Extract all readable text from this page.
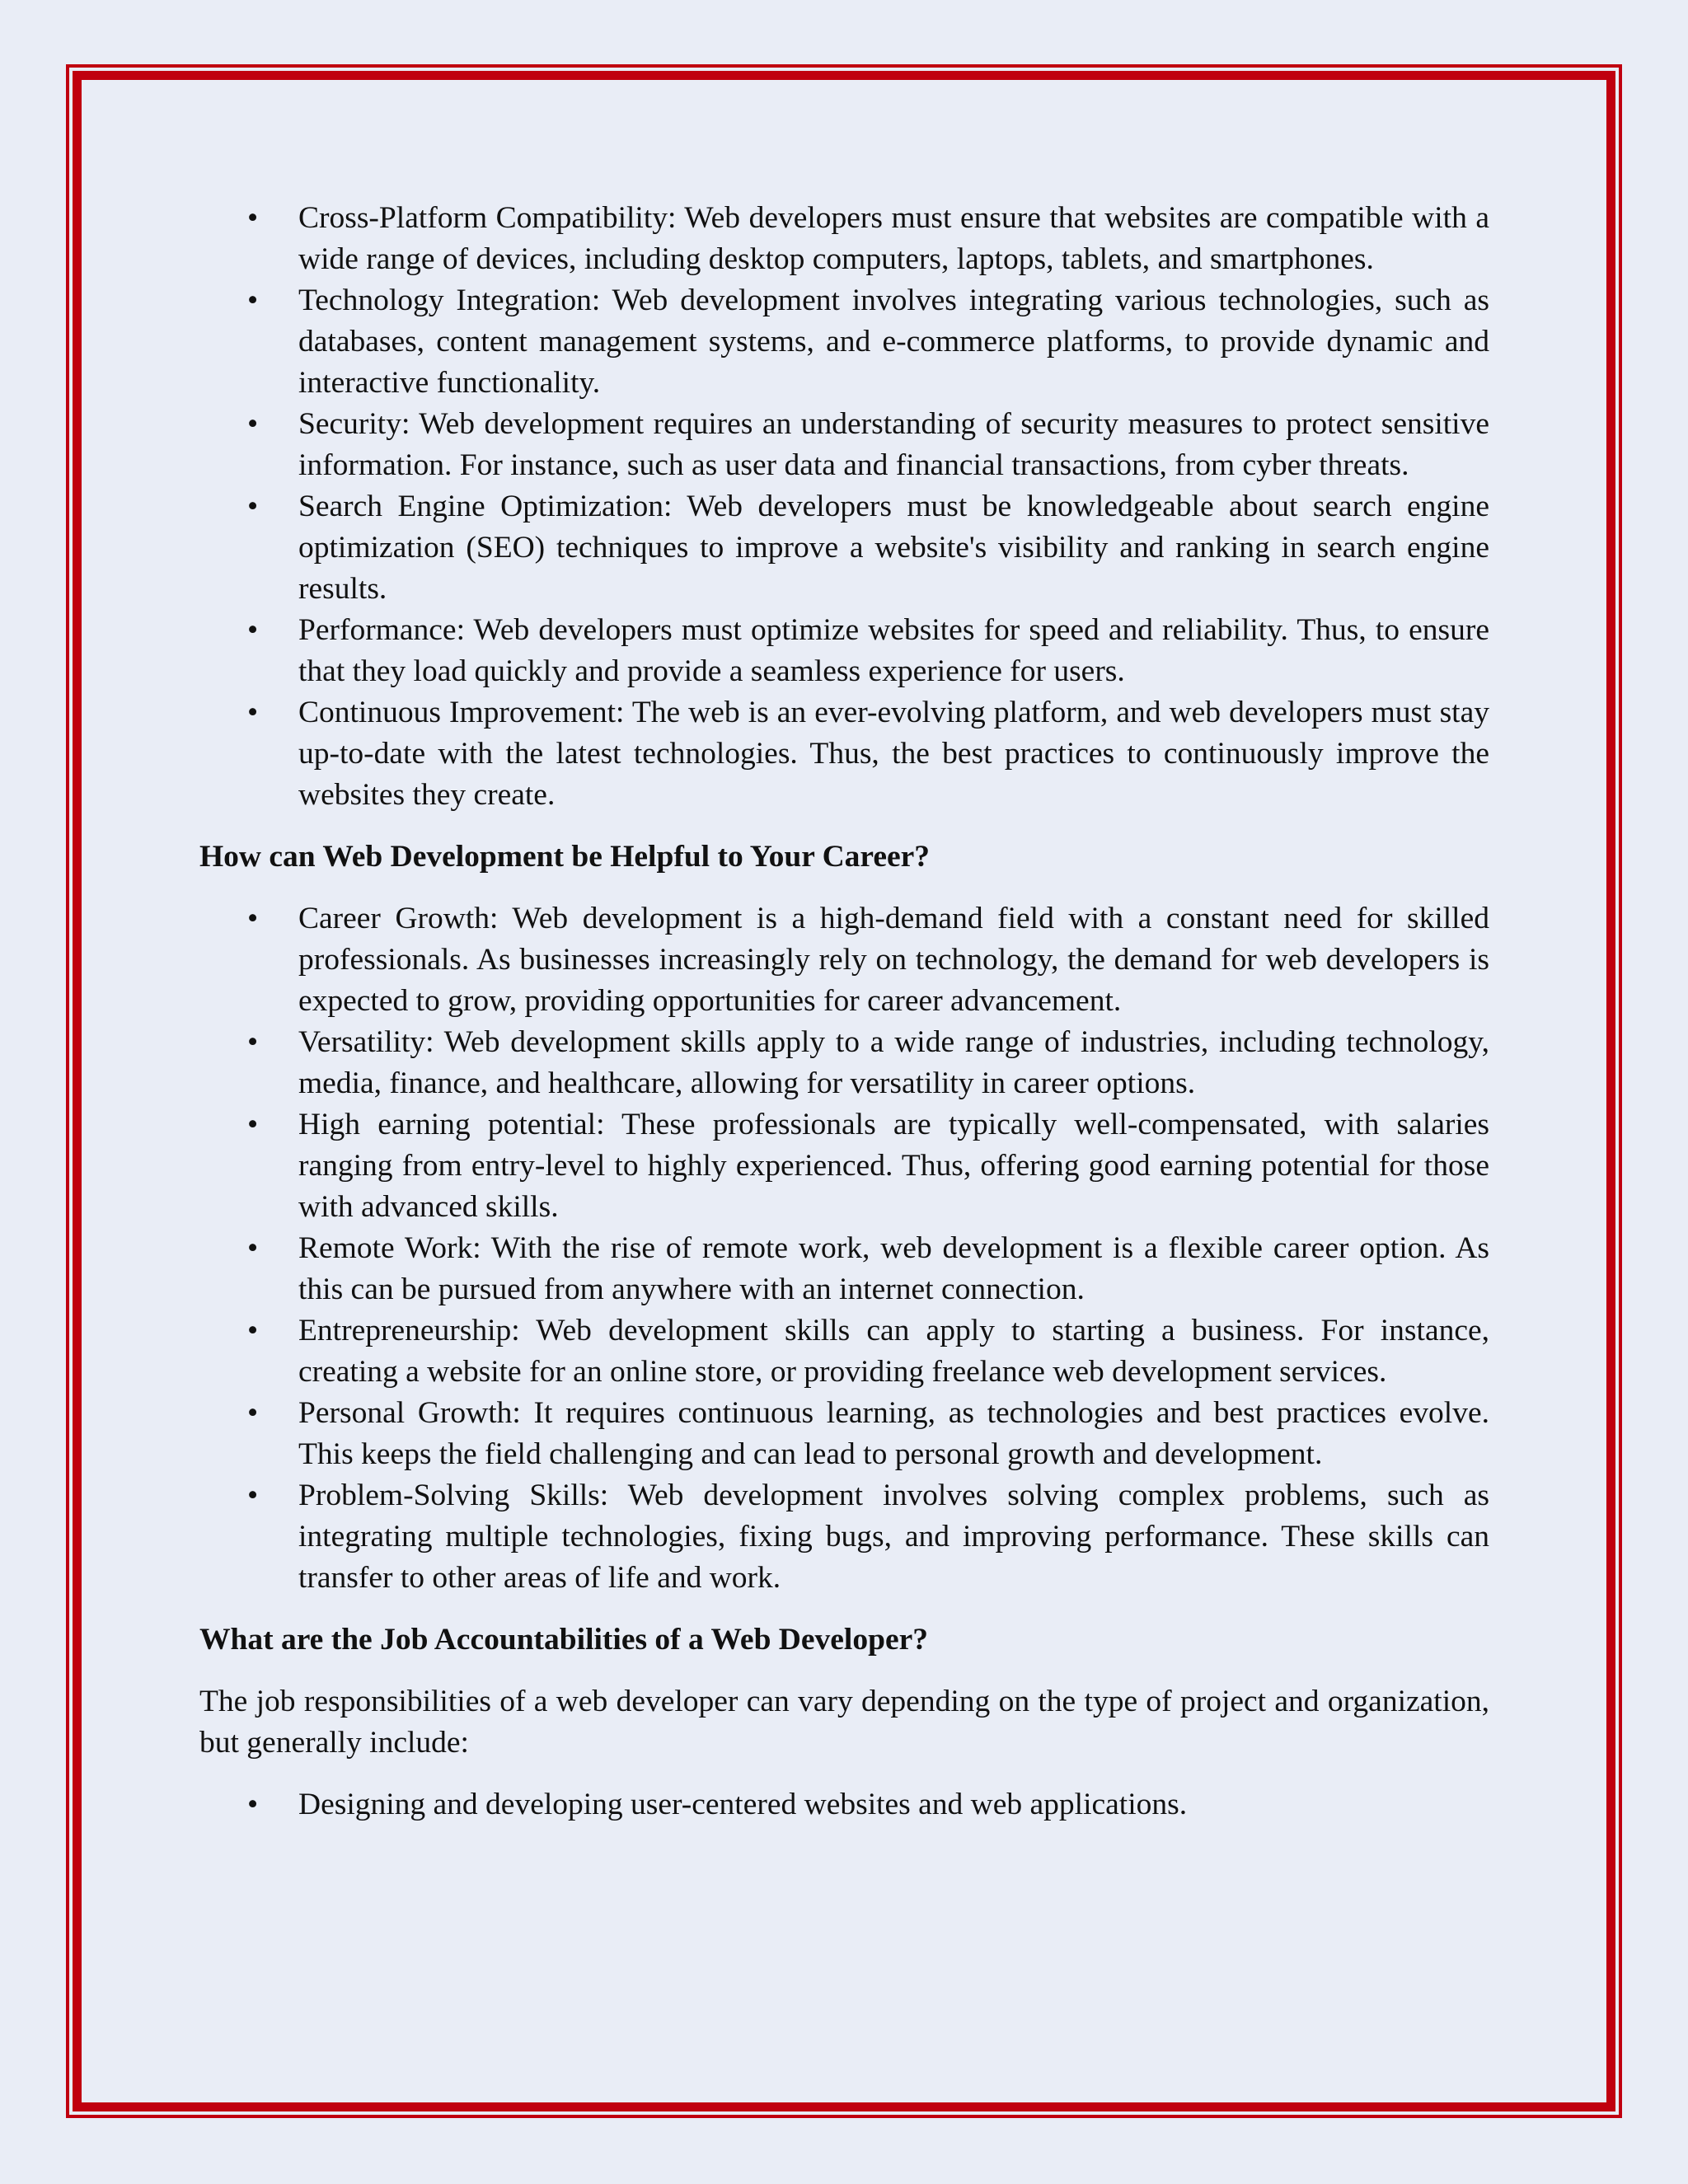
• Cross-Platform Compatibility: Web developers must ensure that websites are compatible with a wide range of devices, including desktop computers, laptops, tablets, and smartphones.
• Technology Integration: Web development involves integrating various technologies, such as databases, content management systems, and e-commerce platforms, to provide dynamic and interactive functionality.
• Security: Web development requires an understanding of security measures to protect sensitive information. For instance, such as user data and financial transactions, from cyber threats.
• Search Engine Optimization: Web developers must be knowledgeable about search engine optimization (SEO) techniques to improve a website's visibility and ranking in search engine results.
• Performance: Web developers must optimize websites for speed and reliability. Thus, to ensure that they load quickly and provide a seamless experience for users.
• Continuous Improvement: The web is an ever-evolving platform, and web developers must stay up-to-date with the latest technologies. Thus, the best practices to continuously improve the websites they create.
How can Web Development be Helpful to Your Career?
• Career Growth: Web development is a high-demand field with a constant need for skilled professionals. As businesses increasingly rely on technology, the demand for web developers is expected to grow, providing opportunities for career advancement.
• Versatility: Web development skills apply to a wide range of industries, including technology, media, finance, and healthcare, allowing for versatility in career options.
• High earning potential: These professionals are typically well-compensated, with salaries ranging from entry-level to highly experienced. Thus, offering good earning potential for those with advanced skills.
• Remote Work: With the rise of remote work, web development is a flexible career option. As this can be pursued from anywhere with an internet connection.
• Entrepreneurship: Web development skills can apply to starting a business. For instance, creating a website for an online store, or providing freelance web development services.
• Personal Growth: It requires continuous learning, as technologies and best practices evolve. This keeps the field challenging and can lead to personal growth and development.
• Problem-Solving Skills: Web development involves solving complex problems, such as integrating multiple technologies, fixing bugs, and improving performance. These skills can transfer to other areas of life and work.
What are the Job Accountabilities of a Web Developer?

The job responsibilities of a web developer can vary depending on the type of project and organization, but generally include:

• Designing and developing user-centered websites and web applications.
